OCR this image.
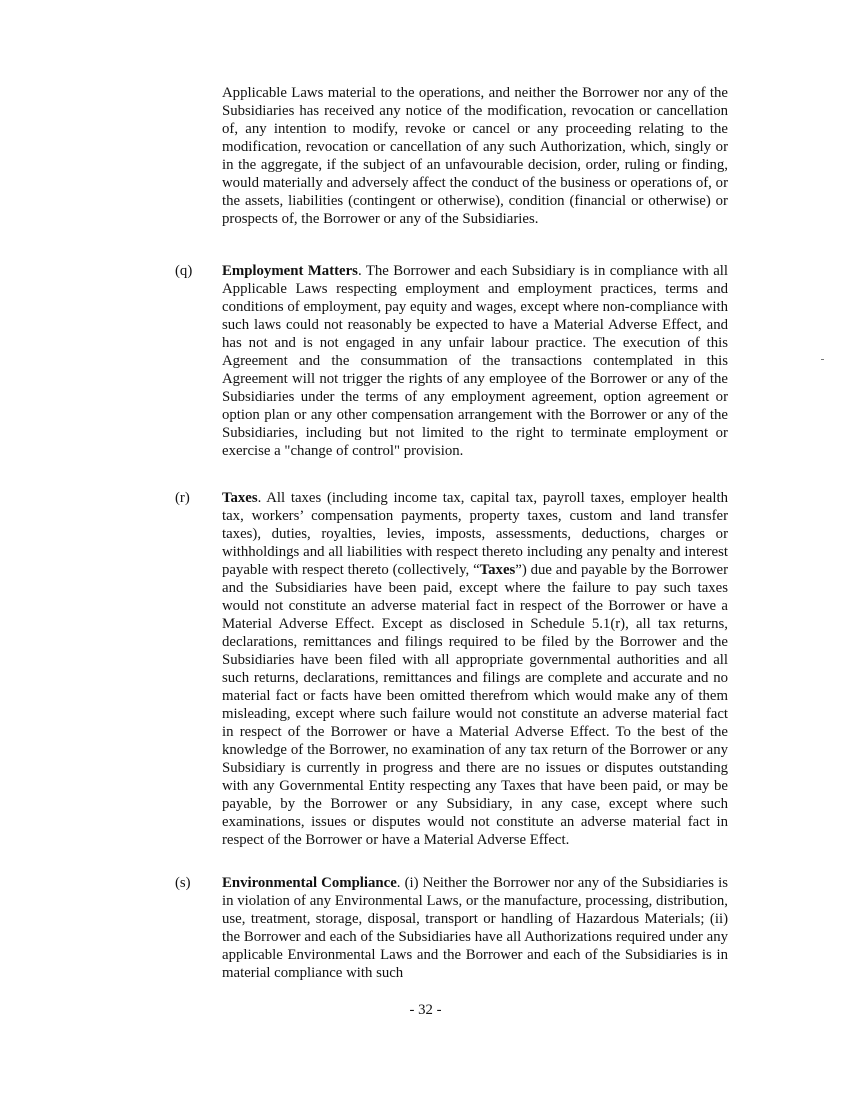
Applicable Laws material to the operations, and neither the Borrower nor any of the Subsidiaries has received any notice of the modification, revocation or cancellation of, any intention to modify, revoke or cancel or any proceeding relating to the modification, revocation or cancellation of any such Authorization, which, singly or in the aggregate, if the subject of an unfavourable decision, order, ruling or finding, would materially and adversely affect the conduct of the business or operations of, or the assets, liabilities (contingent or otherwise), condition (financial or otherwise) or prospects of, the Borrower or any of the Subsidiaries.

(q) Employment Matters. The Borrower and each Subsidiary is in compliance with all Applicable Laws respecting employment and employment practices, terms and conditions of employment, pay equity and wages, except where non-compliance with such laws could not reasonably be expected to have a Material Adverse Effect, and has not and is not engaged in any unfair labour practice. The execution of this Agreement and the consummation of the transactions contemplated in this Agreement will not trigger the rights of any employee of the Borrower or any of the Subsidiaries under the terms of any employment agreement, option agreement or option plan or any other compensation arrangement with the Borrower or any of the Subsidiaries, including but not limited to the right to terminate employment or exercise a "change of control" provision.

(r) Taxes. All taxes (including income tax, capital tax, payroll taxes, employer health tax, workers’ compensation payments, property taxes, custom and land transfer taxes), duties, royalties, levies, imposts, assessments, deductions, charges or withholdings and all liabilities with respect thereto including any penalty and interest payable with respect thereto (collectively, “Taxes”) due and payable by the Borrower and the Subsidiaries have been paid, except where the failure to pay such taxes would not constitute an adverse material fact in respect of the Borrower or have a Material Adverse Effect. Except as disclosed in Schedule 5.1(r), all tax returns, declarations, remittances and filings required to be filed by the Borrower and the Subsidiaries have been filed with all appropriate governmental authorities and all such returns, declarations, remittances and filings are complete and accurate and no material fact or facts have been omitted therefrom which would make any of them misleading, except where such failure would not constitute an adverse material fact in respect of the Borrower or have a Material Adverse Effect. To the best of the knowledge of the Borrower, no examination of any tax return of the Borrower or any Subsidiary is currently in progress and there are no issues or disputes outstanding with any Governmental Entity respecting any Taxes that have been paid, or may be payable, by the Borrower or any Subsidiary, in any case, except where such examinations, issues or disputes would not constitute an adverse material fact in respect of the Borrower or have a Material Adverse Effect.

(s) Environmental Compliance. (i) Neither the Borrower nor any of the Subsidiaries is in violation of any Environmental Laws, or the manufacture, processing, distribution, use, treatment, storage, disposal, transport or handling of Hazardous Materials; (ii) the Borrower and each of the Subsidiaries have all Authorizations required under any applicable Environmental Laws and the Borrower and each of the Subsidiaries is in material compliance with such

- 32 -
